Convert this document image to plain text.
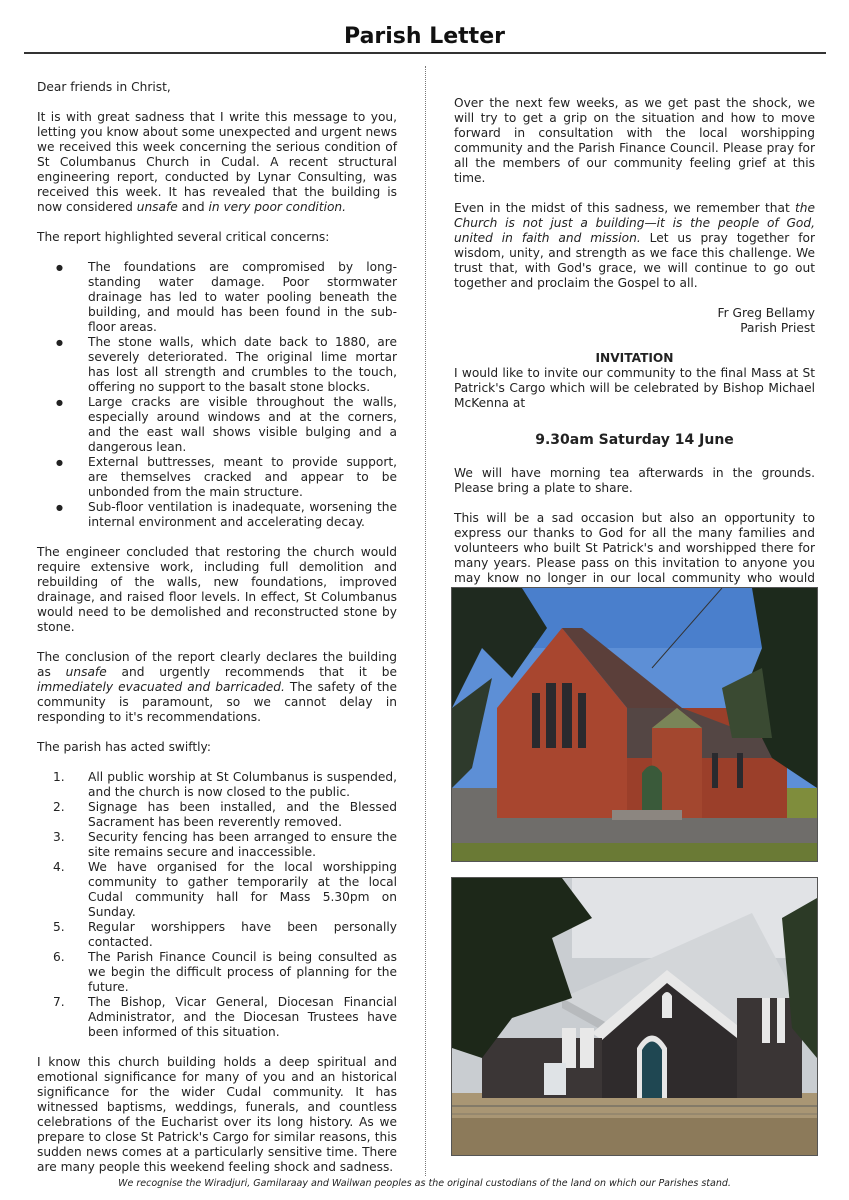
Parish Letter

Dear friends in Christ,

It is with great sadness that I write this message to you, letting you know about some unexpected and urgent news we received this week concerning the serious condition of St Columbanus Church in Cudal. A recent structural engineering report, conducted by Lynar Consulting, was received this week. It has revealed that the building is now considered unsafe and in very poor condition.

The report highlighted several critical concerns:

● The foundations are compromised by long-standing water damage. Poor stormwater drainage has led to water pooling beneath the building, and mould has been found in the sub-floor areas.
● The stone walls, which date back to 1880, are severely deteriorated. The original lime mortar has lost all strength and crumbles to the touch, offering no support to the basalt stone blocks.
● Large cracks are visible throughout the walls, especially around windows and at the corners, and the east wall shows visible bulging and a dangerous lean.
● External buttresses, meant to provide support, are themselves cracked and appear to be unbonded from the main structure.
● Sub-floor ventilation is inadequate, worsening the internal environment and accelerating decay.

The engineer concluded that restoring the church would require extensive work, including full demolition and rebuilding of the walls, new foundations, improved drainage, and raised floor levels. In effect, St Columbanus would need to be demolished and reconstructed stone by stone.

The conclusion of the report clearly declares the building as unsafe and urgently recommends that it be immediately evacuated and barricaded. The safety of the community is paramount, so we cannot delay in responding to it's recommendations.

The parish has acted swiftly:

1. All public worship at St Columbanus is suspended, and the church is now closed to the public.
2. Signage has been installed, and the Blessed Sacrament has been reverently removed.
3. Security fencing has been arranged to ensure the site remains secure and inaccessible.
4. We have organised for the local worshipping community to gather temporarily at the local Cudal community hall for Mass 5.30pm on Sunday.
5. Regular worshippers have been personally contacted.
6. The Parish Finance Council is being consulted as we begin the difficult process of planning for the future.
7. The Bishop, Vicar General, Diocesan Financial Administrator, and the Diocesan Trustees have been informed of this situation.

I know this church building holds a deep spiritual and emotional significance for many of you and an historical significance for the wider Cudal community. It has witnessed baptisms, weddings, funerals, and countless celebrations of the Eucharist over its long history. As we prepare to close St Patrick's Cargo for similar reasons, this sudden news comes at a particularly sensitive time. There are many people this weekend feeling shock and sadness.

Over the next few weeks, as we get past the shock, we will try to get a grip on the situation and how to move forward in consultation with the local worshipping community and the Parish Finance Council. Please pray for all the members of our community feeling grief at this time.

Even in the midst of this sadness, we remember that the Church is not just a building—it is the people of God, united in faith and mission. Let us pray together for wisdom, unity, and strength as we face this challenge. We trust that, with God's grace, we will continue to go out together and proclaim the Gospel to all.

Fr Greg Bellamy
Parish Priest
INVITATION
I would like to invite our community to the final Mass at St Patrick's Cargo which will be celebrated by Bishop Michael McKenna at
9.30am Saturday 14 June

We will have morning tea afterwards in the grounds. Please bring a plate to share.

This will be a sad occasion but also an opportunity to express our thanks to God for all the many families and volunteers who built St Patrick's and worshipped there for many years. Please pass on this invitation to anyone you may know no longer in our local community who would

We recognise the Wiradjuri, Gamilaraay and Wailwan peoples as the original custodians of the land on which our Parishes stand.
